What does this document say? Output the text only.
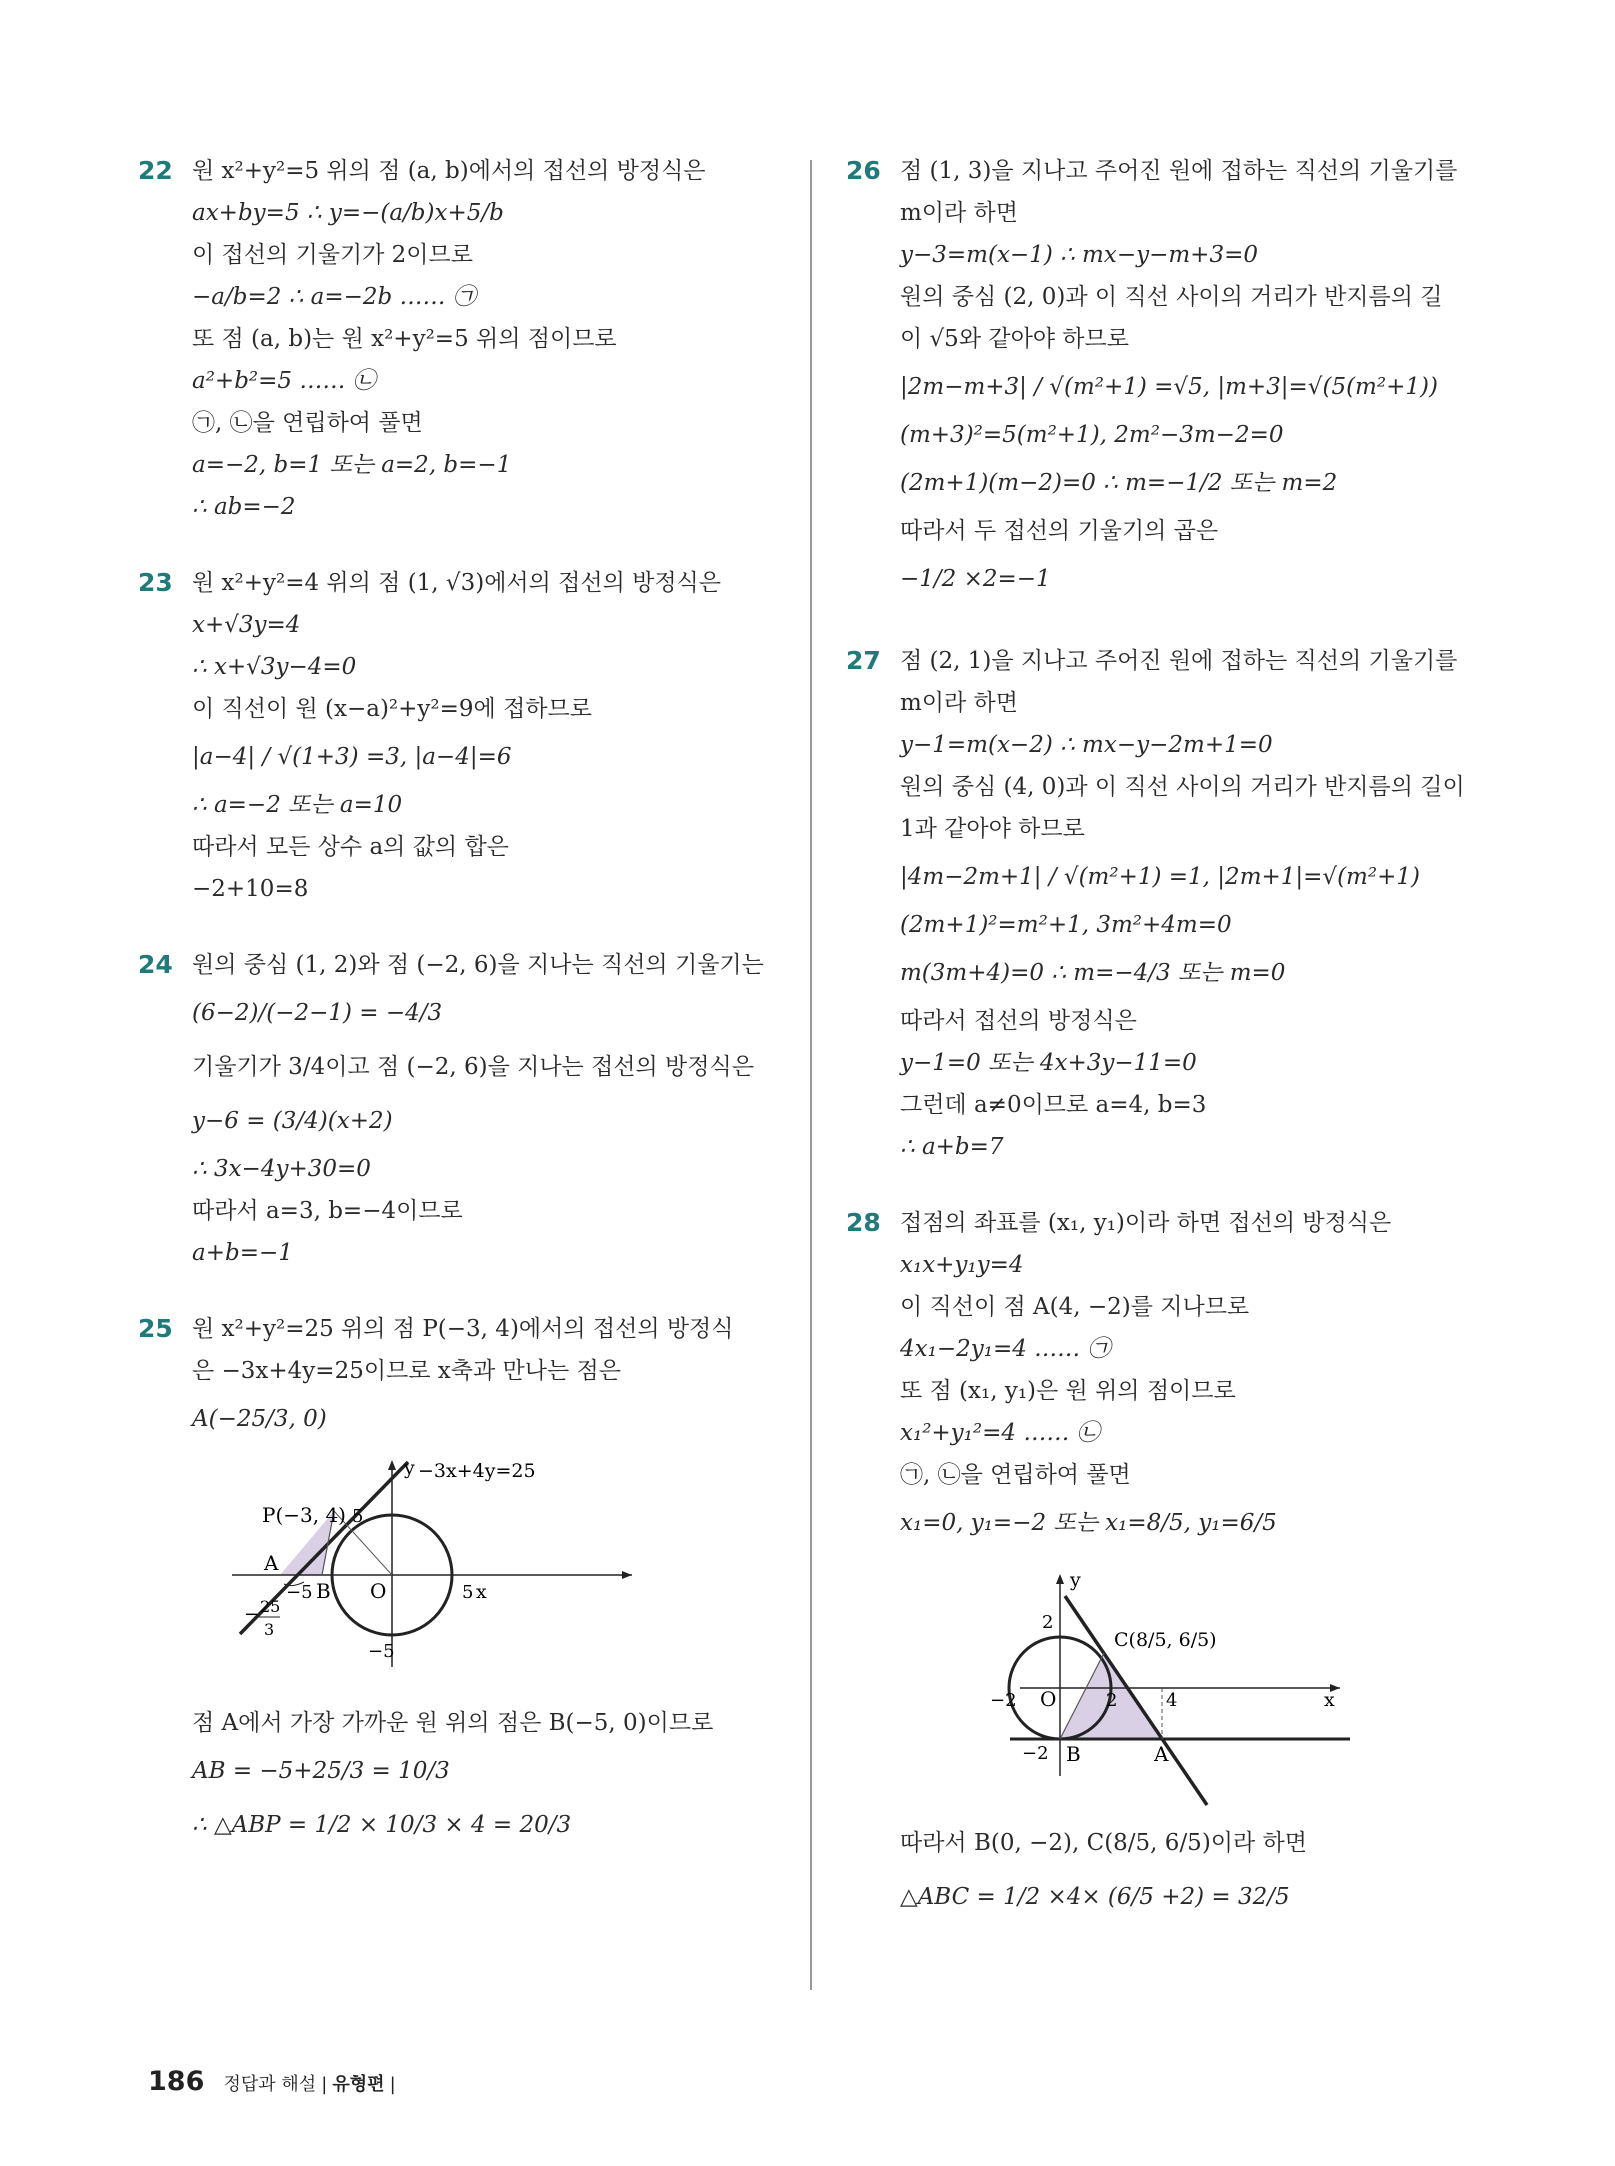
22 원 x²+y²=5 위의 점 (a, b)에서의 접선의 방정식은
ax+by=5 ∴ y=−(a/b)x+5/b
이 접선의 기울기가 2이므로
−a/b=2 ∴ a=−2b …… ㉠
또 점 (a, b)는 원 x²+y²=5 위의 점이므로
a²+b²=5 …… ㉡
㉠, ㉡을 연립하여 풀면
a=−2, b=1 또는 a=2, b=−1
∴ ab=−2
23 원 x²+y²=4 위의 점 (1, √3)에서의 접선의 방정식은
x+√3y=4
∴ x+√3y−4=0
이 직선이 원 (x−a)²+y²=9에 접하므로
|a−4| / √(1+3) =3, |a−4|=6
∴ a=−2 또는 a=10
따라서 모든 상수 a의 값의 합은
−2+10=8
24 원의 중심 (1, 2)와 점 (−2, 6)을 지나는 직선의 기울기는
(6−2)/(−2−1) = −4/3
기울기가 3/4이고 점 (−2, 6)을 지나는 접선의 방정식은
y−6 = (3/4)(x+2)
∴ 3x−4y+30=0
따라서 a=3, b=−4이므로
a+b=−1
25 원 x²+y²=25 위의 점 P(−3, 4)에서의 접선의 방정식
은 −3x+4y=25이므로 x축과 만나는 점은
A(−25/3, 0)
y −3x+4y=25
P(−3, 4) 5
A
−5 B O	5 x
− 25
3
−5
점 A에서 가장 가까운 원 위의 점은 B(−5, 0)이므로
AB = −5+25/3 = 10/3
∴ △ABP = 1/2 × 10/3 × 4 = 20/3
26 점 (1, 3)을 지나고 주어진 원에 접하는 직선의 기울기를
m이라 하면
y−3=m(x−1) ∴ mx−y−m+3=0
원의 중심 (2, 0)과 이 직선 사이의 거리가 반지름의 길
이 √5와 같아야 하므로
|2m−m+3| / √(m²+1) =√5, |m+3|=√(5(m²+1))
(m+3)²=5(m²+1), 2m²−3m−2=0
(2m+1)(m−2)=0 ∴ m=−1/2 또는 m=2
따라서 두 접선의 기울기의 곱은
−1/2 ×2=−1
27 점 (2, 1)을 지나고 주어진 원에 접하는 직선의 기울기를
m이라 하면
y−1=m(x−2) ∴ mx−y−2m+1=0
원의 중심 (4, 0)과 이 직선 사이의 거리가 반지름의 길이
1과 같아야 하므로
|4m−2m+1| / √(m²+1) =1, |2m+1|=√(m²+1)
(2m+1)²=m²+1, 3m²+4m=0
m(3m+4)=0 ∴ m=−4/3 또는 m=0
따라서 접선의 방정식은
y−1=0 또는 4x+3y−11=0
그런데 a≠0이므로 a=4, b=3
∴ a+b=7
28 접점의 좌표를 (x₁, y₁)이라 하면 접선의 방정식은
x₁x+y₁y=4
이 직선이 점 A(4, −2)를 지나므로
4x₁−2y₁=4 …… ㉠
또 점 (x₁, y₁)은 원 위의 점이므로
x₁²+y₁²=4 …… ㉡
㉠, ㉡을 연립하여 풀면
x₁=0, y₁=−2 또는 x₁=8/5, y₁=6/5
y
2
C(8/5, 6/5)
−2 O	2	4	x
−2 B	A
따라서 B(0, −2), C(8/5, 6/5)이라 하면
△ABC = 1/2 ×4× (6/5 +2) = 32/5
186 정답과 해설 | 유형편 |
